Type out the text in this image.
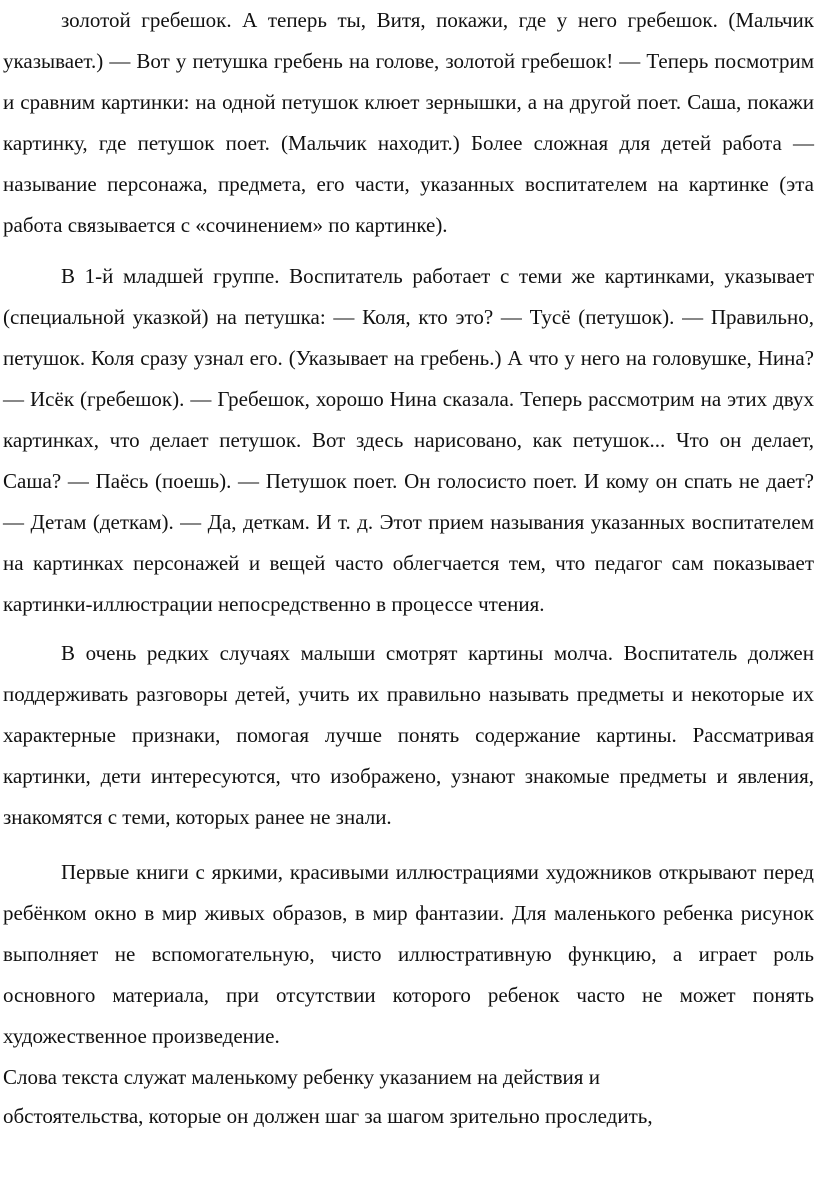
золотой гребешок. А теперь ты, Витя, покажи, где у него гребешок. (Мальчик указывает.) — Вот у петушка гребень на голове, золотой гребешок! — Теперь посмотрим и сравним картинки: на одной петушок клюет зернышки, а на другой поет. Саша, покажи картинку, где петушок поет. (Мальчик находит.) Более сложная для детей работа — называние персонажа, предмета, его части, указанных воспитателем на картинке (эта работа связывается с «сочинением» по картинке).

В 1-й младшей группе. Воспитатель работает с теми же картинками, указывает (специальной указкой) на петушка: — Коля, кто это? — Тусё (петушок). — Правильно, петушок. Коля сразу узнал его. (Указывает на гребень.) А что у него на головушке, Нина? — Исёк (гребешок). — Гребешок, хорошо Нина сказала. Теперь рассмотрим на этих двух картинках, что делает петушок. Вот здесь нарисовано, как петушок... Что он делает, Саша? — Паёсь (поешь). — Петушок поет. Он голосисто поет. И кому он спать не дает? — Детам (деткам). — Да, деткам. И т. д. Этот прием называния указанных воспитателем на картинках персонажей и вещей часто облегчается тем, что педагог сам показывает картинки-иллюстрации непосредственно в процессе чтения.

В очень редких случаях малыши смотрят картины молча. Воспитатель должен поддерживать разговоры детей, учить их правильно называть предметы и некоторые их характерные признаки, помогая лучше понять содержание картины. Рассматривая картинки, дети интересуются, что изображено, узнают знакомые предметы и явления, знакомятся с теми, которых ранее не знали.

Первые книги с яркими, красивыми иллюстрациями художников открывают перед ребёнком окно в мир живых образов, в мир фантазии. Для маленького ребенка рисунок выполняет не вспомогательную, чисто иллюстративную функцию, а играет роль основного материала, при отсутствии которого ребенок часто не может понять художественное произведение.

Слова текста служат маленькому ребенку указанием на действия и

обстоятельства, которые он должен шаг за шагом зрительно проследить,
